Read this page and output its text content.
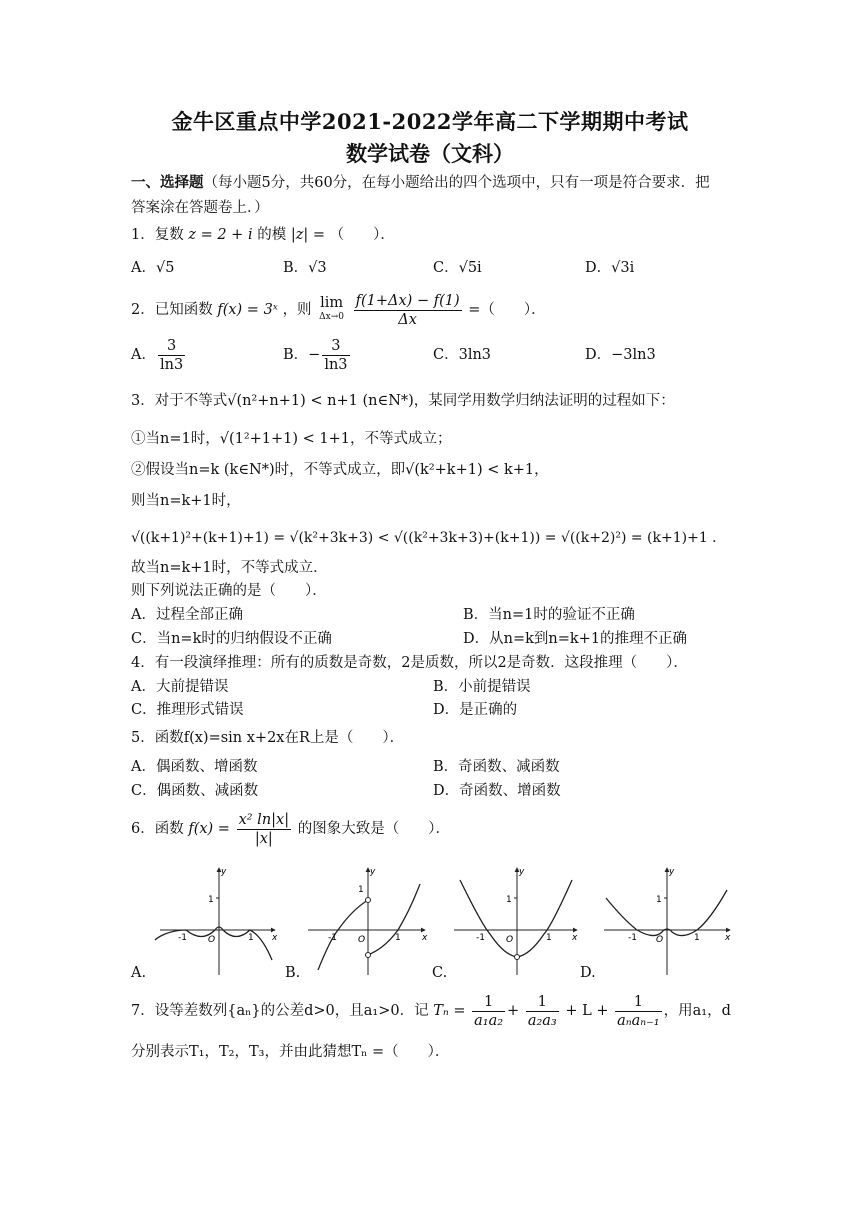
金牛区重点中学2021-2022学年高二下学期期中考试
数学试卷（文科）
一、选择题（每小题5分，共60分，在每小题给出的四个选项中，只有一项是符合要求．把
答案涂在答题卷上．）
1．复数 z = 2 + i 的模 |z| = （　　）．
A．√5	B．√3	C．√5i	D．√3i
2．已知函数 f(x) = 3ˣ ，则 lim
Δx→0
$\frac{f(1+\Delta x) - f(1)}{\Delta x}$ =（　　）．
A． $\frac{3}{\ln 3}$	B．− $\frac{3}{\ln 3}$	C．3ln3	D．−3ln3
3．对于不等式√(n²+n+1) < n+1 (n∈N*)，某同学用数学归纳法证明的过程如下：
①当n=1时，√(1²+1+1) < 1+1，不等式成立；
②假设当n=k (k∈N*)时，不等式成立，即√(k²+k+1) < k+1，
则当n=k+1时，
√((k+1)²+(k+1)+1) = √(k²+3k+3) < √((k²+3k+3)+(k+1)) = √((k+2)²) = (k+1)+1 ．
故当n=k+1时，不等式成立．
则下列说法正确的是（　　）．
A．过程全部正确	B．当n=1时的验证不正确
C．当n=k时的归纳假设不正确	D．从n=k到n=k+1的推理不正确
4．有一段演绎推理：所有的质数是奇数，2是质数，所以2是奇数．这段推理（　　）．
A．大前提错误	B．小前提错误
C．推理形式错误	D．是正确的
5．函数f(x)=sin x+2x在R上是（　　）．
A．偶函数、增函数	B．奇函数、减函数
C．偶函数、减函数	D．奇函数、增函数
6．函数 $f(x) = \frac{\text{x² ln|x|}}{|x|}$ 的图象大致是（　　）．
y
x
O
1
-1	1
y
x
O
1
-1	1
y
x
O
1
-1	1
y
x
O
1
-1	1
A.	B.	C.	D.
7．设等差数列{aₙ}的公差d>0，且a₁>0．记 $T_n = \frac{1}{\text{a₁a₂}} + \frac{1}{\text{a₂a₃}} + L + \frac{1}{\text{aₙaₙ₋₁}}$ ，用a₁，d
分别表示T₁，T₂，T₃，并由此猜想Tₙ =（　　）．
